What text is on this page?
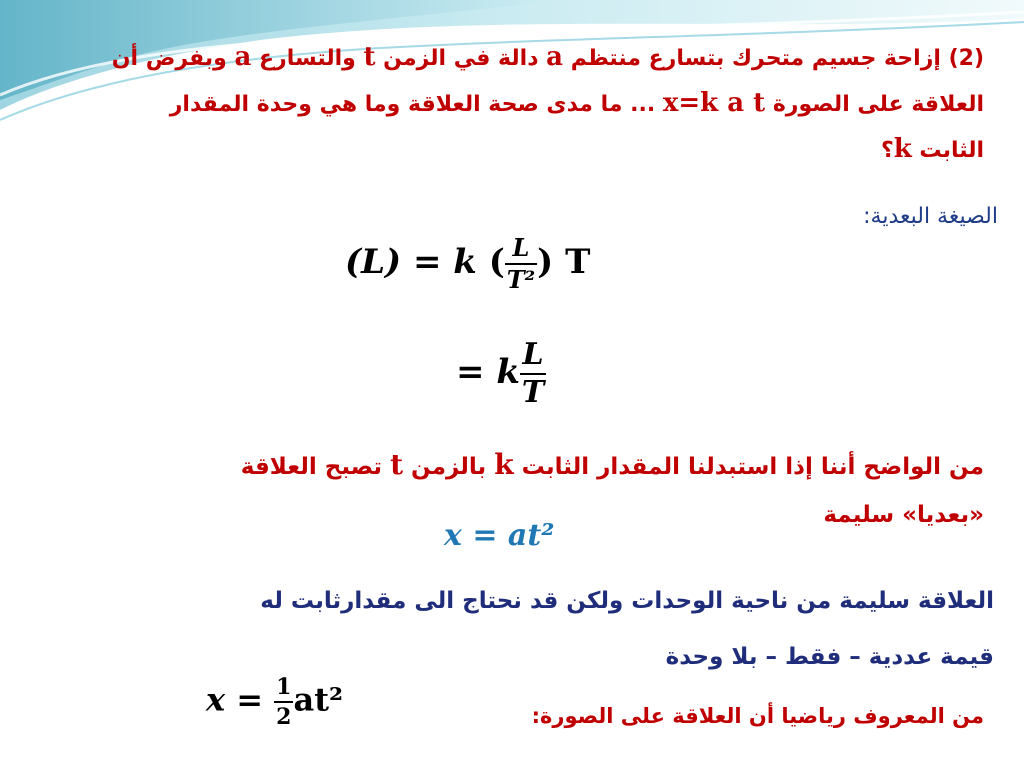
(2) إزاحة جسيم متحرك بتسارع منتظم a دالة في الزمن t والتسارع a وبفرض أن
العلاقة على الصورة x=k a t ... ما مدى صحة العلاقة وما هي وحدة المقدار
الثابت k؟
الصيغة البعدية:
(L) = k ( $\frac{L}{\text{T²}}$ ) T
= k $\frac{L}{T}$
من الواضح أننا إذا استبدلنا المقدار الثابت k بالزمن t تصبح العلاقة
«بعديا» سليمة
x = at²
العلاقة سليمة من ناحية الوحدات ولكن قد نحتاج الى مقدارثابت له
قيمة عددية – فقط – بلا وحدة
$x = \frac{1}{2} at^2$	من المعروف رياضيا أن العلاقة على الصورة:
